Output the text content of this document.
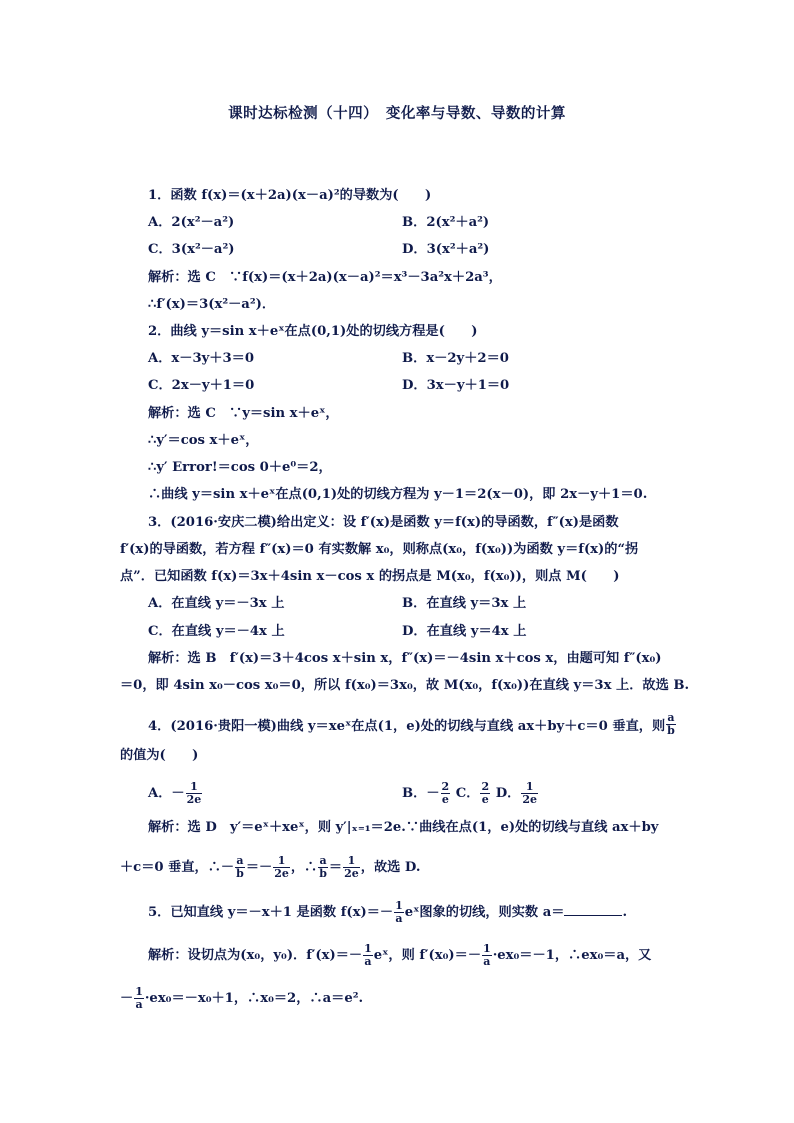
课时达标检测（十四）　变化率与导数、导数的计算
1．函数 f(x)＝(x＋2a)(x－a)²的导数为(　　)
A．2(x²－a²)	B．2(x²＋a²)
C．3(x²－a²)	D．3(x²＋a²)
解析：选 C　∵f(x)＝(x＋2a)(x－a)²＝x³－3a²x＋2a³，
∴f′(x)＝3(x²－a²)．
2．曲线 y＝sin x＋eˣ在点(0,1)处的切线方程是(　　)
A．x－3y＋3＝0	B．x－2y＋2＝0
C．2x－y＋1＝0	D．3x－y＋1＝0
解析：选 C　∵y＝sin x＋eˣ，
∴y′＝cos x＋eˣ，
∴y′ Error!＝cos 0＋e⁰＝2，
∴曲线 y＝sin x＋eˣ在点(0,1)处的切线方程为 y－1＝2(x－0)，即 2x－y＋1＝0.
3．(2016·安庆二模)给出定义：设 f′(x)是函数 y＝f(x)的导函数，f″(x)是函数
f′(x)的导函数，若方程 f″(x)＝0 有实数解 x₀，则称点(x₀，f(x₀))为函数 y＝f(x)的“拐
点”．已知函数 f(x)＝3x＋4sin x－cos x 的拐点是 M(x₀，f(x₀))，则点 M(　　)
A．在直线 y＝－3x 上	B．在直线 y＝3x 上
C．在直线 y＝－4x 上	D．在直线 y＝4x 上
解析：选 B　f′(x)＝3＋4cos x＋sin x，f″(x)＝－4sin x＋cos x，由题可知 f″(x₀)
＝0，即 4sin x₀－cos x₀＝0，所以 f(x₀)＝3x₀，故 M(x₀，f(x₀))在直线 y＝3x 上．故选 B.
4．(2016·贵阳一模)曲线 y＝xeˣ在点(1，e)处的切线与直线 ax＋by＋c＝0 垂直，则 $\frac{a}{b}$
的值为(　　)
A．－ $\frac{1}{2e}$	B．－ $\frac{2}{e}$ C． $\frac{2}{e}$ D． $\frac{1}{2e}$
解析：选 D　y′＝eˣ＋xeˣ，则 y′|ₓ₌₁＝2e.∵曲线在点(1，e)处的切线与直线 ax＋by
＋c＝0 垂直，∴－ $\frac{a}{b} =- \frac{1}{2e}$ ，∴ $\frac{a}{b} = \frac{1}{2e}$ ，故选 D.
5．已知直线 y＝－x＋1 是函数 $f(x)=- \frac{1}{a}$ eˣ图象的切线，则实数 a＝	.
解析：设切点为(x₀，y₀)．$f'(x)=- \frac{1}{a}$ eˣ，则 $f'(x_0)=- \frac{1}{a} \cdot ex_0=-1$，∴ex₀＝a，又
－ $\frac{1}{a} \cdot ex_0=-x_0+1$，∴x₀＝2，∴a＝e².
